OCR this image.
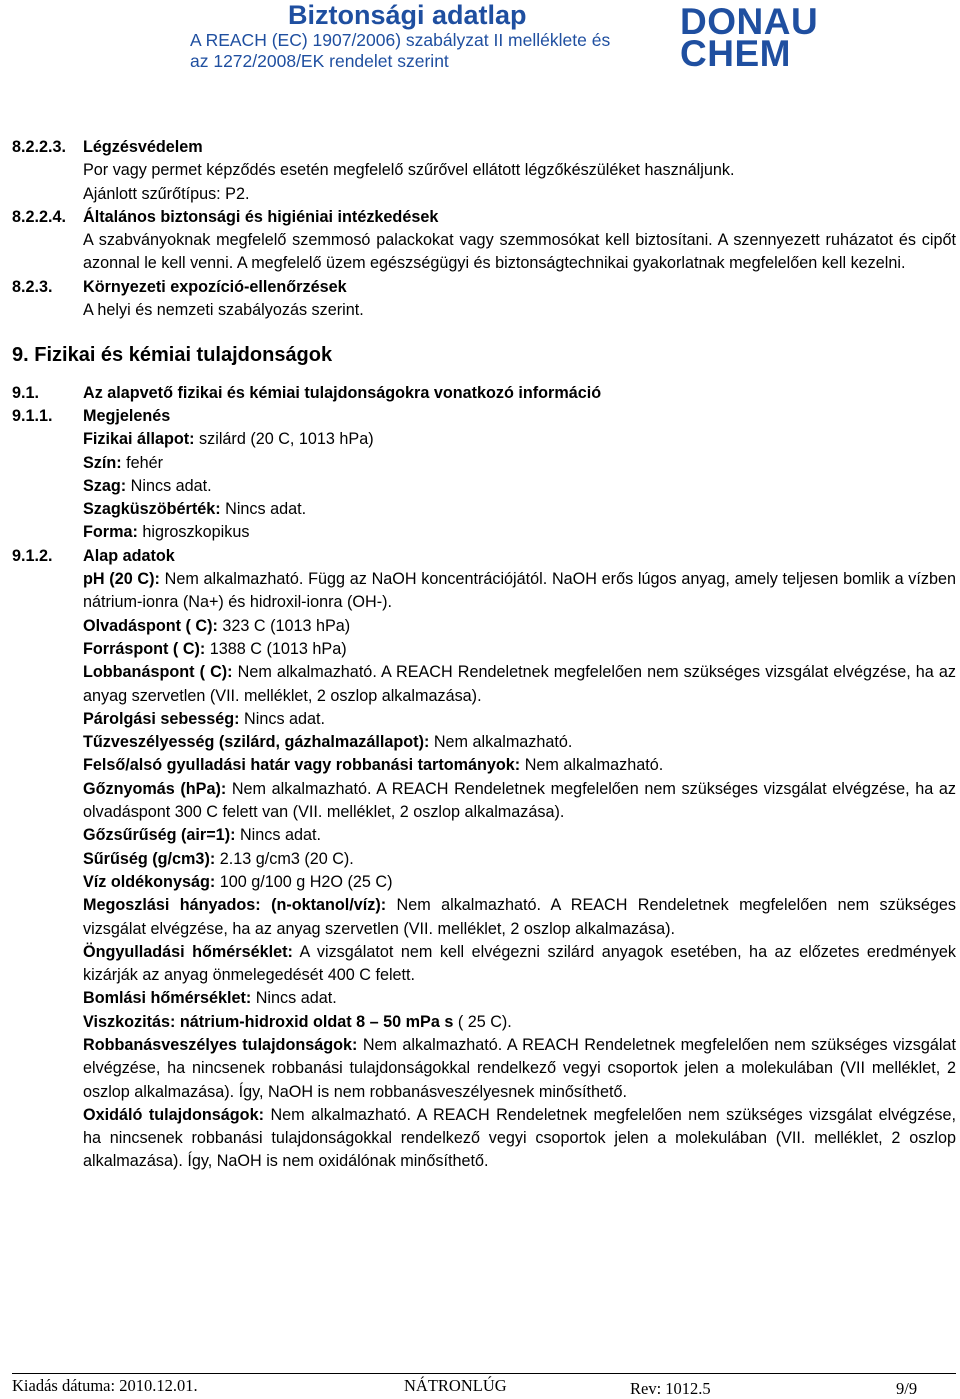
Biztonsági adatlap
A REACH (EC) 1907/2006) szabályzat II melléklete és
az 1272/2008/EK rendelet szerint
DONAU
CHEM
8.2.2.3.	Légzésvédelem
Por vagy permet képződés esetén megfelelő szűrővel ellátott légzőkészüléket használjunk.
Ajánlott szűrőtípus: P2.
8.2.2.4.	Általános biztonsági és higiéniai intézkedések
A szabványoknak megfelelő szemmosó palackokat vagy szemmosókat kell biztosítani. A szennyezett ruházatot és cipőt azonnal le kell venni. A megfelelő üzem egészségügyi és biztonságtechnikai gyakorlatnak megfelelően kell kezelni.
8.2.3.	Környezeti expozíció-ellenőrzések
A helyi és nemzeti szabályozás szerint.
9. Fizikai és kémiai tulajdonságok
9.1.	Az alapvető fizikai és kémiai tulajdonságokra vonatkozó információ
9.1.1.	Megjelenés
Fizikai állapot: szilárd (20 C, 1013 hPa)
Szín: fehér
Szag: Nincs adat.
Szagküszöbérték: Nincs adat.
Forma: higroszkopikus
9.1.2.	Alap adatok
pH (20 C): Nem alkalmazható. Függ az NaOH koncentrációjától. NaOH erős lúgos anyag, amely teljesen bomlik a vízben nátrium-ionra (Na+) és hidroxil-ionra (OH-).
Olvadáspont ( C): 323 C (1013 hPa)
Forráspont ( C): 1388 C (1013 hPa)
Lobbanáspont ( C): Nem alkalmazható. A REACH Rendeletnek megfelelően nem szükséges vizsgálat elvégzése, ha az anyag szervetlen (VII. melléklet, 2 oszlop alkalmazása).
Párolgási sebesség: Nincs adat.
Tűzveszélyesség (szilárd, gázhalmazállapot): Nem alkalmazható.
Felső/alsó gyulladási határ vagy robbanási tartományok: Nem alkalmazható.
Gőznyomás (hPa): Nem alkalmazható. A REACH Rendeletnek megfelelően nem szükséges vizsgálat elvégzése, ha az olvadáspont 300 C felett van (VII. melléklet, 2 oszlop alkalmazása).
Gőzsűrűség (air=1): Nincs adat.
Sűrűség (g/cm3): 2.13 g/cm3 (20 C).
Víz oldékonyság: 100 g/100 g H2O (25 C)
Megoszlási hányados: (n-oktanol/víz): Nem alkalmazható. A REACH Rendeletnek megfelelően nem szükséges vizsgálat elvégzése, ha az anyag szervetlen (VII. melléklet, 2 oszlop alkalmazása).
Öngyulladási hőmérséklet: A vizsgálatot nem kell elvégezni szilárd anyagok esetében, ha az előzetes eredmények kizárják az anyag önmelegedését 400 C felett.
Bomlási hőmérséklet: Nincs adat.
Viszkozitás: nátrium-hidroxid oldat 8 – 50 mPa s ( 25 C).
Robbanásveszélyes tulajdonságok: Nem alkalmazható. A REACH Rendeletnek megfelelően nem szükséges vizsgálat elvégzése, ha nincsenek robbanási tulajdonságokkal rendelkező vegyi csoportok jelen a molekulában (VII melléklet, 2 oszlop alkalmazása). Így, NaOH is nem robbanásveszélyesnek minősíthető.
Oxidáló tulajdonságok: Nem alkalmazható. A REACH Rendeletnek megfelelően nem szükséges vizsgálat elvégzése, ha nincsenek robbanási tulajdonságokkal rendelkező vegyi csoportok jelen a molekulában (VII. melléklet, 2 oszlop alkalmazása). Így, NaOH is nem oxidálónak minősíthető.
Kiadás dátuma: 2010.12.01.	NÁTRONLÚG	Rev: 1012.5	9/9
